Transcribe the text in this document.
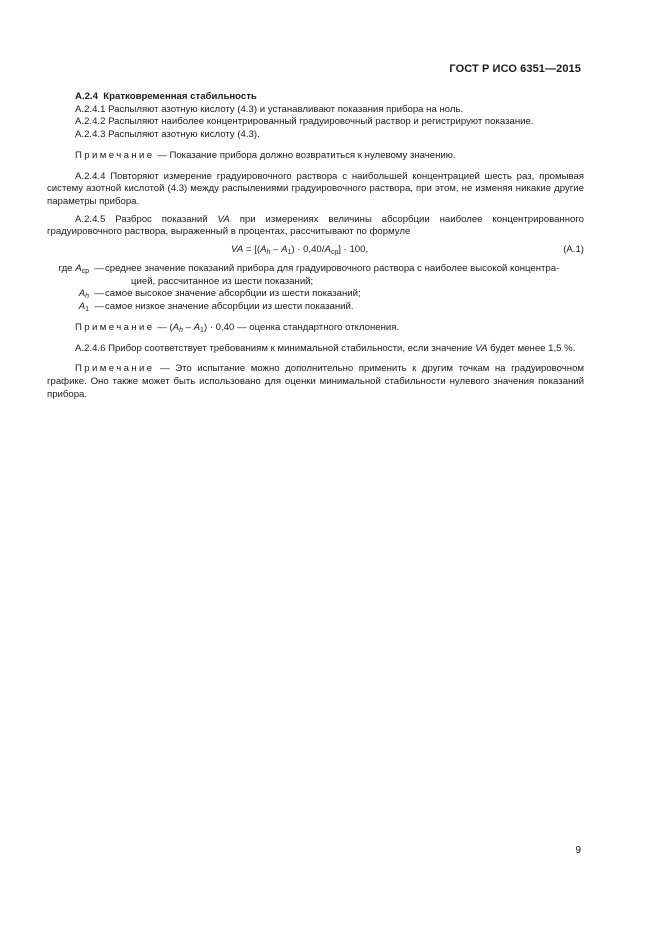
ГОСТ Р ИСО 6351—2015

А.2.4 Кратковременная стабильность

А.2.4.1 Распыляют азотную кислоту (4.3) и устанавливают показания прибора на ноль.

А.2.4.2 Распыляют наиболее концентрированный градуировочный раствор и регистрируют показание.

А.2.4.3 Распыляют азотную кислоту (4.3).

Примечание — Показание прибора должно возвратиться к нулевому значению.

А.2.4.4 Повторяют измерение градуировочного раствора с наибольшей концентрацией шесть раз, промывая систему азотной кислотой (4.3) между распылениями градуировочного раствора, при этом, не изменяя никакие другие параметры прибора.

А.2.4.5 Разброс показаний VA при измерениях величины абсорбции наиболее концентрированного градуировочного раствора, выраженный в процентах, рассчитывают по формуле

VA = $[(A_h - A_1) \cdot 0,40/A_{ср}] \cdot 100$,	(А.1)
где $A_{ср}$ — среднее значение показаний прибора для градуировочного раствора с наиболее высокой концентра-
цией, рассчитанное из шести показаний;
$A_h$ — самое высокое значение абсорбции из шести показаний;
$A_1$ — самое низкое значение абсорбции из шести показаний.

Примечание — $(A_h - A_1) \cdot 0,40$ — оценка стандартного отклонения.

А.2.4.6 Прибор соответствует требованиям к минимальной стабильности, если значение VA будет менее 1,5 %.

Примечание — Это испытание можно дополнительно применить к другим точкам на градуировочном графике. Оно также может быть использовано для оценки минимальной стабильности нулевого значения показаний прибора.

9
